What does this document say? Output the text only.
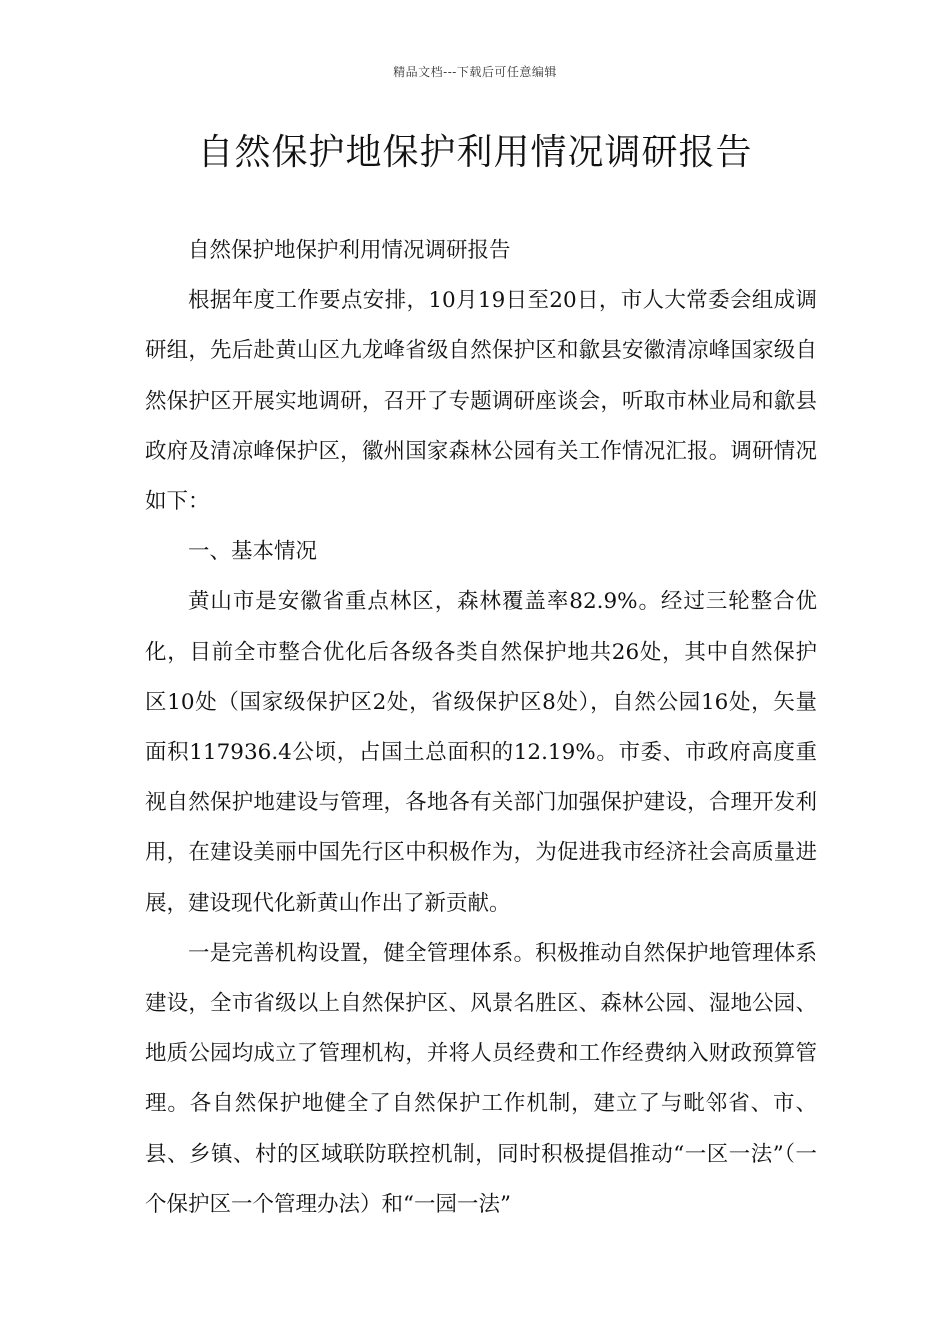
精品文档---下载后可任意编辑
自然保护地保护利用情况调研报告

自然保护地保护利用情况调研报告

根据年度工作要点安排，10月19日至20日，市人大常委会组成调研组，先后赴黄山区九龙峰省级自然保护区和歙县安徽清凉峰国家级自然保护区开展实地调研，召开了专题调研座谈会，听取市林业局和歙县政府及清凉峰保护区，徽州国家森林公园有关工作情况汇报。调研情况如下：

一、基本情况

黄山市是安徽省重点林区，森林覆盖率82.9%。经过三轮整合优化，目前全市整合优化后各级各类自然保护地共26处，其中自然保护区10处（国家级保护区2处，省级保护区8处），自然公园16处，矢量面积117936.4公顷，占国土总面积的12.19%。市委、市政府高度重视自然保护地建设与管理，各地各有关部门加强保护建设，合理开发利用，在建设美丽中国先行区中积极作为，为促进我市经济社会高质量进展，建设现代化新黄山作出了新贡献。

一是完善机构设置，健全管理体系。积极推动自然保护地管理体系建设，全市省级以上自然保护区、风景名胜区、森林公园、湿地公园、地质公园均成立了管理机构，并将人员经费和工作经费纳入财政预算管理。各自然保护地健全了自然保护工作机制，建立了与毗邻省、市、县、乡镇、村的区域联防联控机制，同时积极提倡推动“一区一法”（一个保护区一个管理办法）和“一园一法”
